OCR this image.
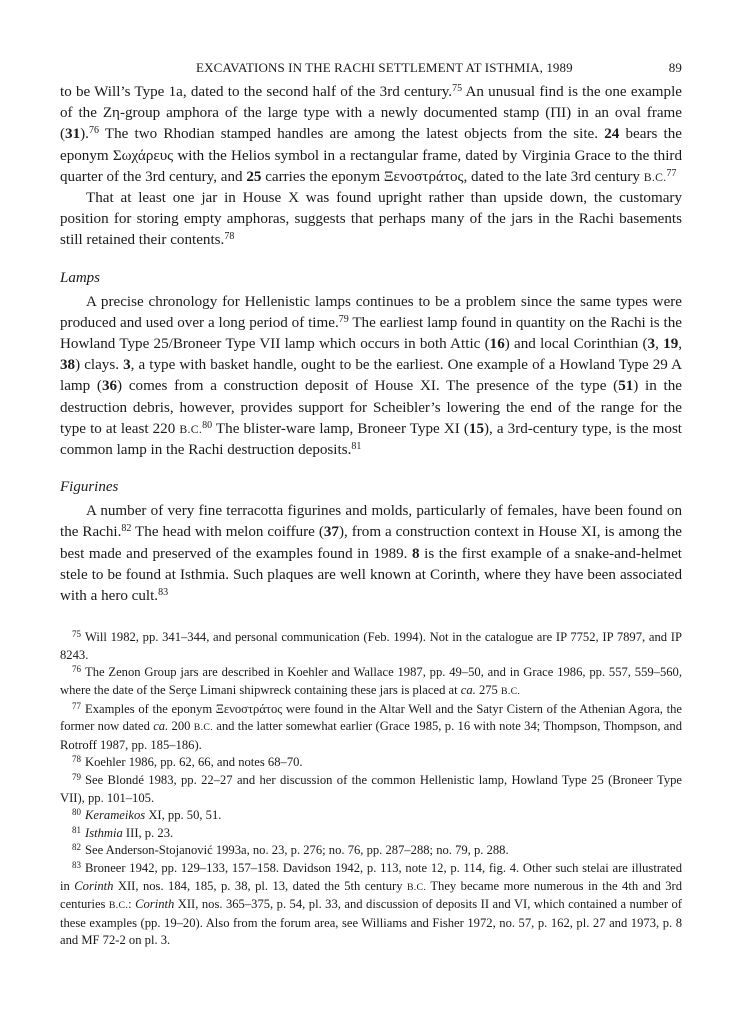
EXCAVATIONS IN THE RACHI SETTLEMENT AT ISTHMIA, 1989	89

to be Will’s Type 1a, dated to the second half of the 3rd century.$^{75}$ An unusual find is the one example of the Zη-group amphora of the large type with a newly documented stamp (ΠΙ) in an oval frame (31).$^{76}$ The two Rhodian stamped handles are among the latest objects from the site. 24 bears the eponym Σωχάρευς with the Helios symbol in a rectangular frame, dated by Virginia Grace to the third quarter of the 3rd century, and 25 carries the eponym Ξενοστράτος, dated to the late 3rd century B.C.$^{77}$

That at least one jar in House X was found upright rather than upside down, the customary position for storing empty amphoras, suggests that perhaps many of the jars in the Rachi basements still retained their contents.$^{78}$

Lamps

A precise chronology for Hellenistic lamps continues to be a problem since the same types were produced and used over a long period of time.$^{79}$ The earliest lamp found in quantity on the Rachi is the Howland Type 25/Broneer Type VII lamp which occurs in both Attic (16) and local Corinthian (3, 19, 38) clays. 3, a type with basket handle, ought to be the earliest. One example of a Howland Type 29 A lamp (36) comes from a construction deposit of House XI. The presence of the type (51) in the destruction debris, however, provides support for Scheibler’s lowering the end of the range for the type to at least 220 B.C.$^{80}$ The blister-ware lamp, Broneer Type XI (15), a 3rd-century type, is the most common lamp in the Rachi destruction deposits.$^{81}$

Figurines

A number of very fine terracotta figurines and molds, particularly of females, have been found on the Rachi.$^{82}$ The head with melon coiffure (37), from a construction context in House XI, is among the best made and preserved of the examples found in 1989. 8 is the first example of a snake-and-helmet stele to be found at Isthmia. Such plaques are well known at Corinth, where they have been associated with a hero cult.$^{83}$

$^{75}$ Will 1982, pp. 341–344, and personal communication (Feb. 1994). Not in the catalogue are IP 7752, IP 7897, and IP 8243.

$^{76}$ The Zenon Group jars are described in Koehler and Wallace 1987, pp. 49–50, and in Grace 1986, pp. 557, 559–560, where the date of the Serçe Limani shipwreck containing these jars is placed at ca. 275 B.C.

$^{77}$ Examples of the eponym Ξενοστράτος were found in the Altar Well and the Satyr Cistern of the Athenian Agora, the former now dated ca. 200 B.C. and the latter somewhat earlier (Grace 1985, p. 16 with note 34; Thompson, Thompson, and Rotroff 1987, pp. 185–186).

$^{78}$ Koehler 1986, pp. 62, 66, and notes 68–70.

$^{79}$ See Blondé 1983, pp. 22–27 and her discussion of the common Hellenistic lamp, Howland Type 25 (Broneer Type VII), pp. 101–105.

$^{80}$ Kerameikos XI, pp. 50, 51.

$^{81}$ Isthmia III, p. 23.

$^{82}$ See Anderson-Stojanović 1993a, no. 23, p. 276; no. 76, pp. 287–288; no. 79, p. 288.

$^{83}$ Broneer 1942, pp. 129–133, 157–158. Davidson 1942, p. 113, note 12, p. 114, fig. 4. Other such stelai are illustrated in Corinth XII, nos. 184, 185, p. 38, pl. 13, dated the 5th century B.C. They became more numerous in the 4th and 3rd centuries B.C.: Corinth XII, nos. 365–375, p. 54, pl. 33, and discussion of deposits II and VI, which contained a number of these examples (pp. 19–20). Also from the forum area, see Williams and Fisher 1972, no. 57, p. 162, pl. 27 and 1973, p. 8 and MF 72-2 on pl. 3.
